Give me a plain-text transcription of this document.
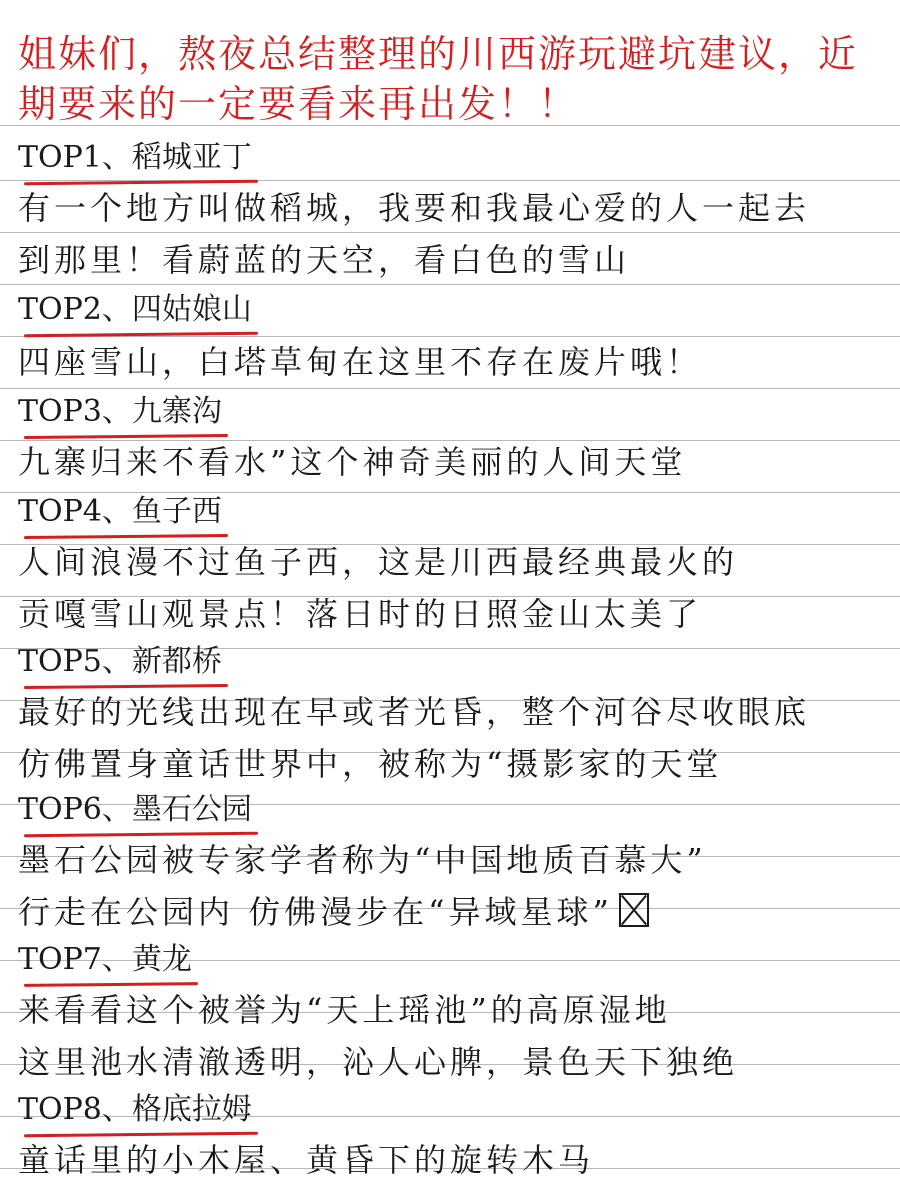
姐妹们，熬夜总结整理的川西游玩避坑建议，近
期要来的一定要看来再出发！！
TOP1、稻城亚丁
有一个地方叫做稻城，我要和我最心爱的人一起去
到那里！看蔚蓝的天空，看白色的雪山
TOP2、四姑娘山
四座雪山，白塔草甸在这里不存在废片哦！
TOP3、九寨沟
九寨归来不看水”这个神奇美丽的人间天堂
TOP4、鱼子西
人间浪漫不过鱼子西，这是川西最经典最火的
贡嘎雪山观景点！落日时的日照金山太美了
TOP5、新都桥
最好的光线出现在早或者光昏，整个河谷尽收眼底
仿佛置身童话世界中，被称为“摄影家的天堂
TOP6、墨石公园
墨石公园被专家学者称为“中国地质百慕大”
行走在公园内 仿佛漫步在“异域星球”
TOP7、黄龙
来看看这个被誉为“天上瑶池”的高原湿地
这里池水清澈透明，沁人心脾，景色天下独绝
TOP8、格底拉姆
童话里的小木屋、黄昏下的旋转木马
